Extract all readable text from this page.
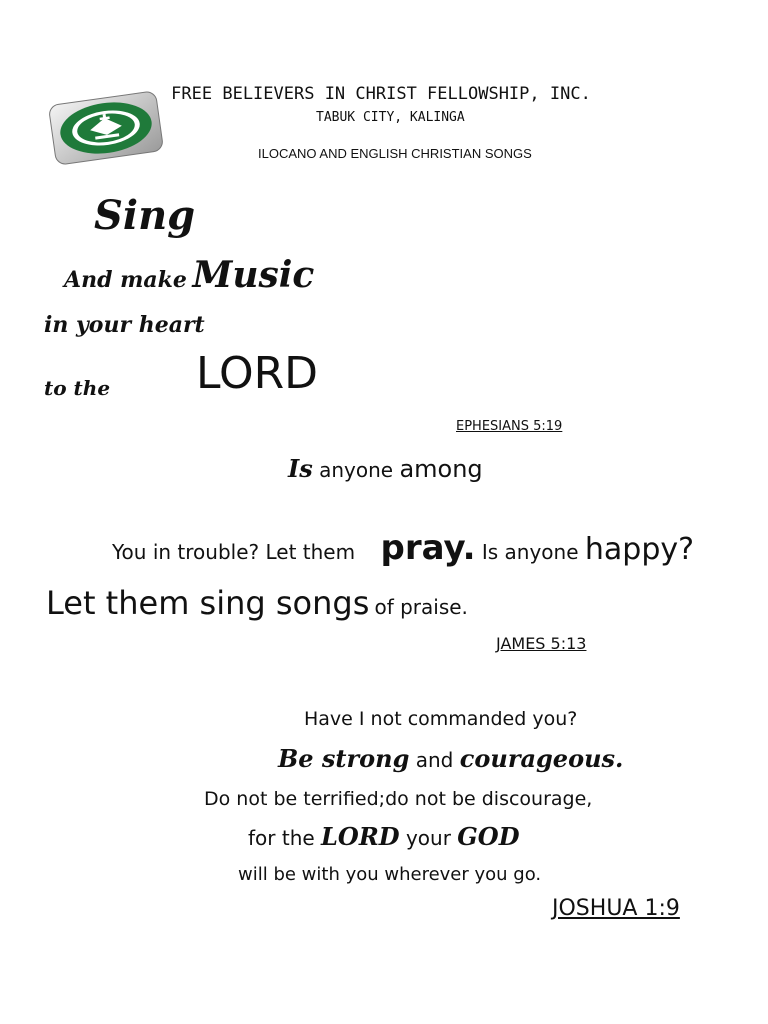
FREE BELIEVERS IN CHRIST FELLOWSHIP, INC.
TABUK CITY, KALINGA
ILOCANO AND ENGLISH CHRISTIAN SONGS
Sing
And make Music
in your heart
to the LORD
EPHESIANS 5:19
Is anyone among
You in trouble? Let them pray. Is anyone happy?
Let them sing songs of praise.
JAMES 5:13
Have I not commanded you?
Be strong and courageous.
Do not be terrified;do not be discourage,
for the LORD your GOD
will be with you wherever you go.
JOSHUA 1:9
